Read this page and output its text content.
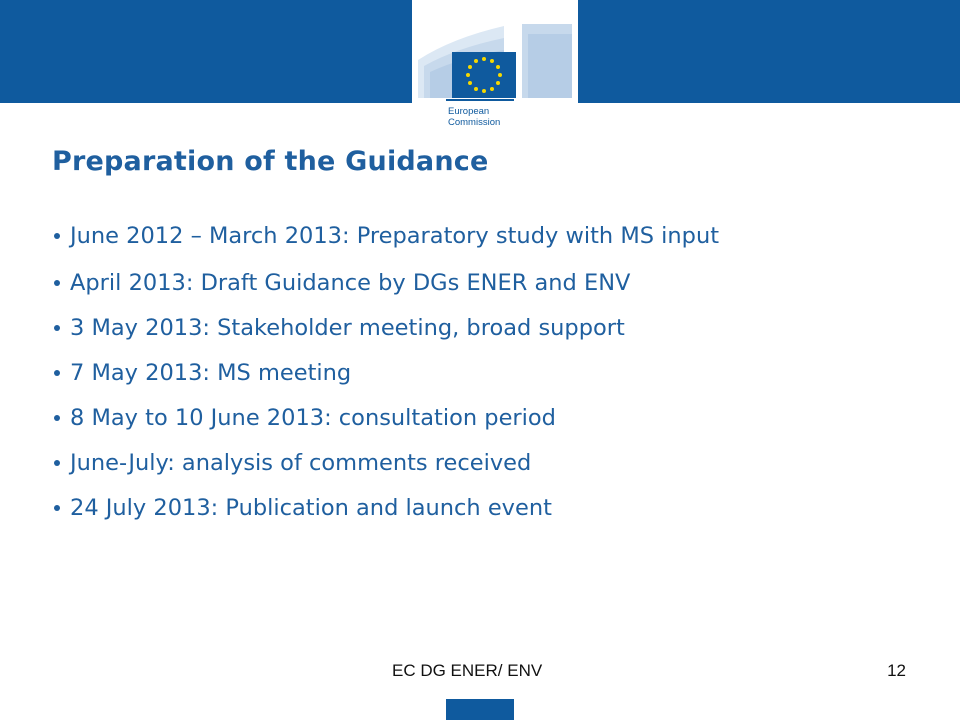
European
Commission
Preparation of the Guidance
June 2012 – March 2013: Preparatory study with MS input
April 2013: Draft Guidance by DGs ENER and ENV
3 May 2013: Stakeholder meeting, broad support
7 May 2013: MS meeting
8 May to 10 June 2013: consultation period
June-July: analysis of comments received
24 July 2013: Publication and launch event
EC DG ENER/ ENV	12
